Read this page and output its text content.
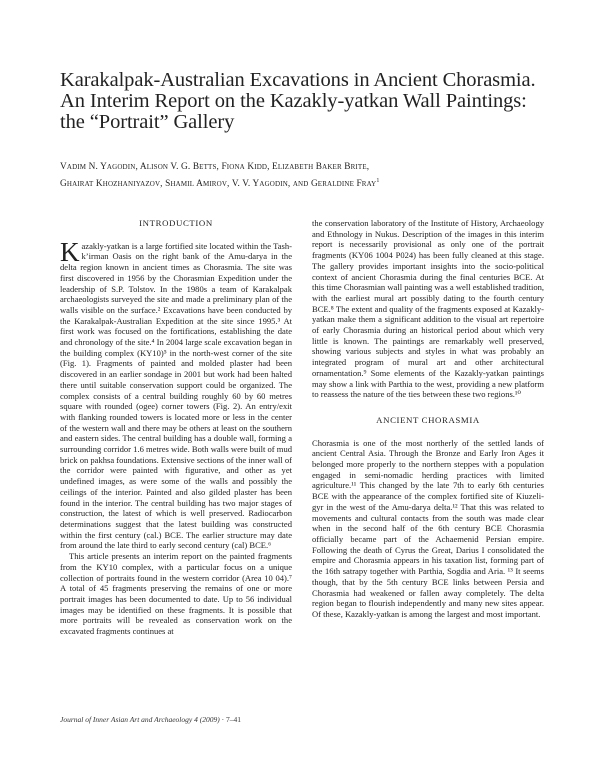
Karakalpak-Australian Excavations in Ancient Chorasmia.
An Interim Report on the Kazakly-yatkan Wall Paintings:
the “Portrait” Gallery
Vadim N. Yagodin, Alison V. G. Betts, Fiona Kidd, Elizabeth Baker Brite,
Ghairat Khozhaniyazov, Shamil Amirov, V. V. Yagodin, and Geraldine Fray$^1$
INTRODUCTION

Kazakly-yatkan is a large fortified site located within the Tash-k’irman Oasis on the right bank of the Amu-darya in the delta region known in ancient times as Chorasmia. The site was first discovered in 1956 by the Chorasmian Expedition under the leadership of S.P. Tolstov. In the 1980s a team of Karakalpak archaeologists surveyed the site and made a preliminary plan of the walls visible on the surface.² Excavations have been conducted by the Karakalpak-Australian Expedition at the site since 1995.³ At first work was focused on the fortifications, establishing the date and chronology of the site.⁴ In 2004 large scale excavation began in the building complex (KY10)⁵ in the north-west corner of the site (Fig. 1). Fragments of painted and molded plaster had been discovered in an earlier sondage in 2001 but work had been halted there until suitable conservation support could be organized. The complex consists of a central building roughly 60 by 60 metres square with rounded (ogee) corner towers (Fig. 2). An entry/exit with flanking rounded towers is located more or less in the center of the western wall and there may be others at least on the southern and eastern sides. The central building has a double wall, forming a surrounding corridor 1.6 metres wide. Both walls were built of mud brick on pakhsa foundations. Extensive sections of the inner wall of the corridor were painted with figurative, and other as yet undefined images, as were some of the walls and possibly the ceilings of the interior. Painted and also gilded plaster has been found in the interior. The central building has two major stages of construction, the latest of which is well preserved. Radiocarbon determinations suggest that the latest building was constructed within the first century (cal.) BCE. The earlier structure may date from around the late third to early second century (cal) BCE.⁶

This article presents an interim report on the painted fragments from the KY10 complex, with a particular focus on a unique collection of portraits found in the western corridor (Area 10 04).⁷ A total of 45 fragments preserving the remains of one or more portrait images has been documented to date. Up to 56 individual images may be identified on these fragments. It is possible that more portraits will be revealed as conservation work on the excavated fragments continues at

the conservation laboratory of the Institute of History, Archaeology and Ethnology in Nukus. Description of the images in this interim report is necessarily provisional as only one of the portrait fragments (KY06 1004 P024) has been fully cleaned at this stage. The gallery provides important insights into the socio-political context of ancient Chorasmia during the final centuries BCE. At this time Chorasmian wall painting was a well established tradition, with the earliest mural art possibly dating to the fourth century BCE.⁸ The extent and quality of the fragments exposed at Kazakly-yatkan make them a significant addition to the visual art repertoire of early Chorasmia during an historical period about which very little is known. The paintings are remarkably well preserved, showing various subjects and styles in what was probably an integrated program of mural art and other architectural ornamentation.⁹ Some elements of the Kazakly-yatkan paintings may show a link with Parthia to the west, providing a new platform to reassess the nature of the ties between these two regions.¹⁰

ANCIENT CHORASMIA

Chorasmia is one of the most northerly of the settled lands of ancient Central Asia. Through the Bronze and Early Iron Ages it belonged more properly to the northern steppes with a population engaged in semi-nomadic herding practices with limited agriculture.¹¹ This changed by the late 7th to early 6th centuries BCE with the appearance of the complex fortified site of Kiuzeli-gyr in the west of the Amu-darya delta.¹² That this was related to movements and cultural contacts from the south was made clear when in the second half of the 6th century BCE Chorasmia officially became part of the Achaemenid Persian empire. Following the death of Cyrus the Great, Darius I consolidated the empire and Chorasmia appears in his taxation list, forming part of the 16th satrapy together with Parthia, Sogdia and Aria. ¹³ It seems though, that by the 5th century BCE links between Persia and Chorasmia had weakened or fallen away completely. The delta region began to flourish independently and many new sites appear. Of these, Kazakly-yatkan is among the largest and most important.

Journal of Inner Asian Art and Archaeology 4 (2009) · 7–41
